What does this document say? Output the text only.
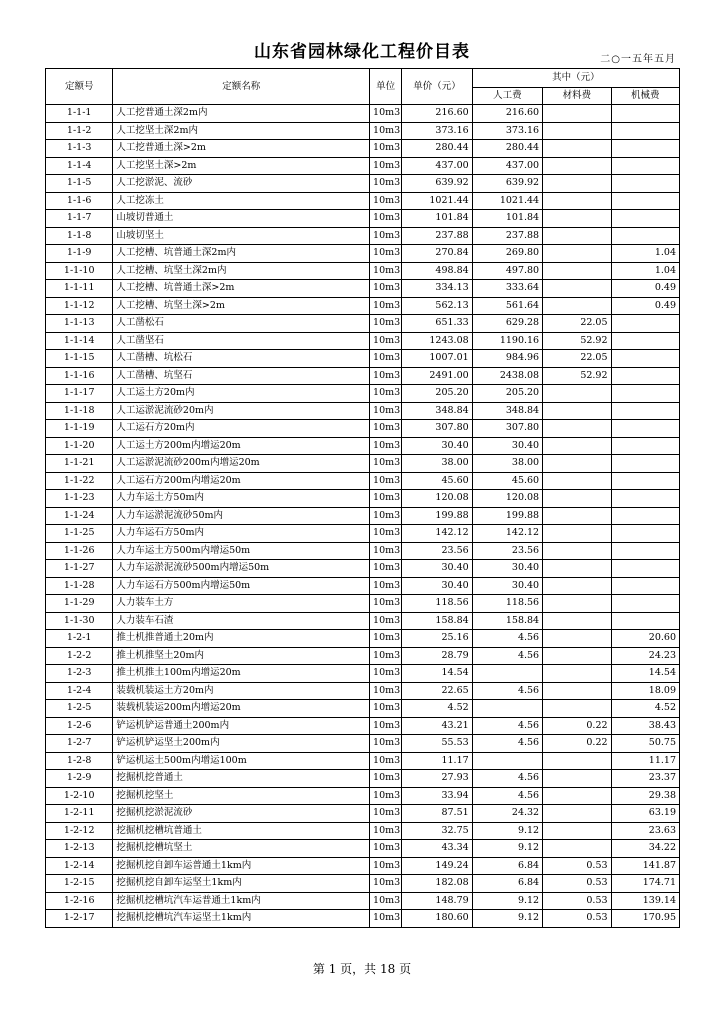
山东省园林绿化工程价目表	二○一五年五月
定额号	定额名称	单位	单价（元）	其中（元）		
				人工费	材料费	机械费
1-1-1	人工挖普通土深2m内	10m3	216.60	216.60		
1-1-2	人工挖坚土深2m内	10m3	373.16	373.16		
1-1-3	人工挖普通土深>2m	10m3	280.44	280.44		
1-1-4	人工挖坚土深>2m	10m3	437.00	437.00		
1-1-5	人工挖淤泥、流砂	10m3	639.92	639.92		
1-1-6	人工挖冻土	10m3	1021.44	1021.44		
1-1-7	山坡切普通土	10m3	101.84	101.84		
1-1-8	山坡切坚土	10m3	237.88	237.88		
1-1-9	人工挖槽、坑普通土深2m内	10m3	270.84	269.80		1.04
1-1-10	人工挖槽、坑坚土深2m内	10m3	498.84	497.80		1.04
1-1-11	人工挖槽、坑普通土深>2m	10m3	334.13	333.64		0.49
1-1-12	人工挖槽、坑坚土深>2m	10m3	562.13	561.64		0.49
1-1-13	人工凿松石	10m3	651.33	629.28	22.05	
1-1-14	人工凿坚石	10m3	1243.08	1190.16	52.92	
1-1-15	人工凿槽、坑松石	10m3	1007.01	984.96	22.05	
1-1-16	人工凿槽、坑坚石	10m3	2491.00	2438.08	52.92	
1-1-17	人工运土方20m内	10m3	205.20	205.20		
1-1-18	人工运淤泥流砂20m内	10m3	348.84	348.84		
1-1-19	人工运石方20m内	10m3	307.80	307.80		
1-1-20	人工运土方200m内增运20m	10m3	30.40	30.40		
1-1-21	人工运淤泥流砂200m内增运20m	10m3	38.00	38.00		
1-1-22	人工运石方200m内增运20m	10m3	45.60	45.60		
1-1-23	人力车运土方50m内	10m3	120.08	120.08		
1-1-24	人力车运淤泥流砂50m内	10m3	199.88	199.88		
1-1-25	人力车运石方50m内	10m3	142.12	142.12		
1-1-26	人力车运土方500m内增运50m	10m3	23.56	23.56		
1-1-27	人力车运淤泥流砂500m内增运50m	10m3	30.40	30.40		
1-1-28	人力车运石方500m内增运50m	10m3	30.40	30.40		
1-1-29	人力装车土方	10m3	118.56	118.56		
1-1-30	人力装车石渣	10m3	158.84	158.84		
1-2-1	推土机推普通土20m内	10m3	25.16	4.56		20.60
1-2-2	推土机推坚土20m内	10m3	28.79	4.56		24.23
1-2-3	推土机推土100m内增运20m	10m3	14.54			14.54
1-2-4	装载机装运土方20m内	10m3	22.65	4.56		18.09
1-2-5	装载机装运200m内增运20m	10m3	4.52			4.52
1-2-6	铲运机铲运普通土200m内	10m3	43.21	4.56	0.22	38.43
1-2-7	铲运机铲运坚土200m内	10m3	55.53	4.56	0.22	50.75
1-2-8	铲运机运土500m内增运100m	10m3	11.17			11.17
1-2-9	挖掘机挖普通土	10m3	27.93	4.56		23.37
1-2-10	挖掘机挖坚土	10m3	33.94	4.56		29.38
1-2-11	挖掘机挖淤泥流砂	10m3	87.51	24.32		63.19
1-2-12	挖掘机挖槽坑普通土	10m3	32.75	9.12		23.63
1-2-13	挖掘机挖槽坑坚土	10m3	43.34	9.12		34.22
1-2-14	挖掘机挖自卸车运普通土1km内	10m3	149.24	6.84	0.53	141.87
1-2-15	挖掘机挖自卸车运坚土1km内	10m3	182.08	6.84	0.53	174.71
1-2-16	挖掘机挖槽坑汽车运普通土1km内	10m3	148.79	9.12	0.53	139.14
1-2-17	挖掘机挖槽坑汽车运坚土1km内	10m3	180.60	9.12	0.53	170.95
第 1 页，共 18 页
